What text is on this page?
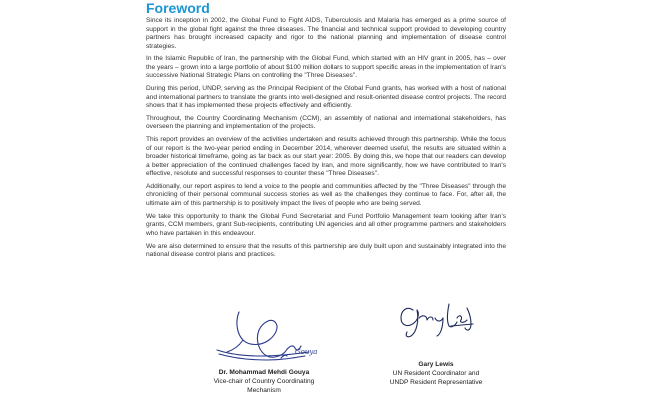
Foreword

Since its inception in 2002, the Global Fund to Fight AIDS, Tuberculosis and Malaria has emerged as a prime source of support in the global fight against the three diseases. The financial and technical support provided to developing country partners has brought increased capacity and rigor to the national planning and implementation of disease control strategies.

In the Islamic Republic of Iran, the partnership with the Global Fund, which started with an HIV grant in 2005, has – over the years – grown into a large portfolio of about $100 million dollars to support specific areas in the implementation of Iran's successive National Strategic Plans on controlling the "Three Diseases".

During this period, UNDP, serving as the Principal Recipient of the Global Fund grants, has worked with a host of national and international partners to translate the grants into well-designed and result-oriented disease control projects. The record shows that it has implemented these projects effectively and efficiently.

Throughout, the Country Coordinating Mechanism (CCM), an assembly of national and international stakeholders, has overseen the planning and implementation of the projects.

This report provides an overview of the activities undertaken and results achieved through this partnership. While the focus of our report is the two-year period ending in December 2014, wherever deemed useful, the results are situated within a broader historical timeframe, going as far back as our start year: 2005. By doing this, we hope that our readers can develop a better appreciation of the continued challenges faced by Iran, and more significantly, how we have contributed to Iran's effective, resolute and successful responses to counter these "Three Diseases".

Additionally, our report aspires to lend a voice to the people and communities affected by the "Three Diseases" through the chronicling of their personal communal success stories as well as the challenges they continue to face. For, after all, the ultimate aim of this partnership is to positively impact the lives of people who are being served.

We take this opportunity to thank the Global Fund Secretariat and Fund Portfolio Management team looking after Iran's grants, CCM members, grant Sub-recipients, contributing UN agencies and all other programme partners and stakeholders who have partaken in this endeavour.

We are also determined to ensure that the results of this partnership are duly built upon and sustainably integrated into the national disease control plans and practices.

Gouya

Dr. Mohammad Mehdi Gouya

Vice-chair of Country Coordinating Mechanism

Gary Lewis

Gary Lewis

UN Resident Coordinator and

UNDP Resident Representative
